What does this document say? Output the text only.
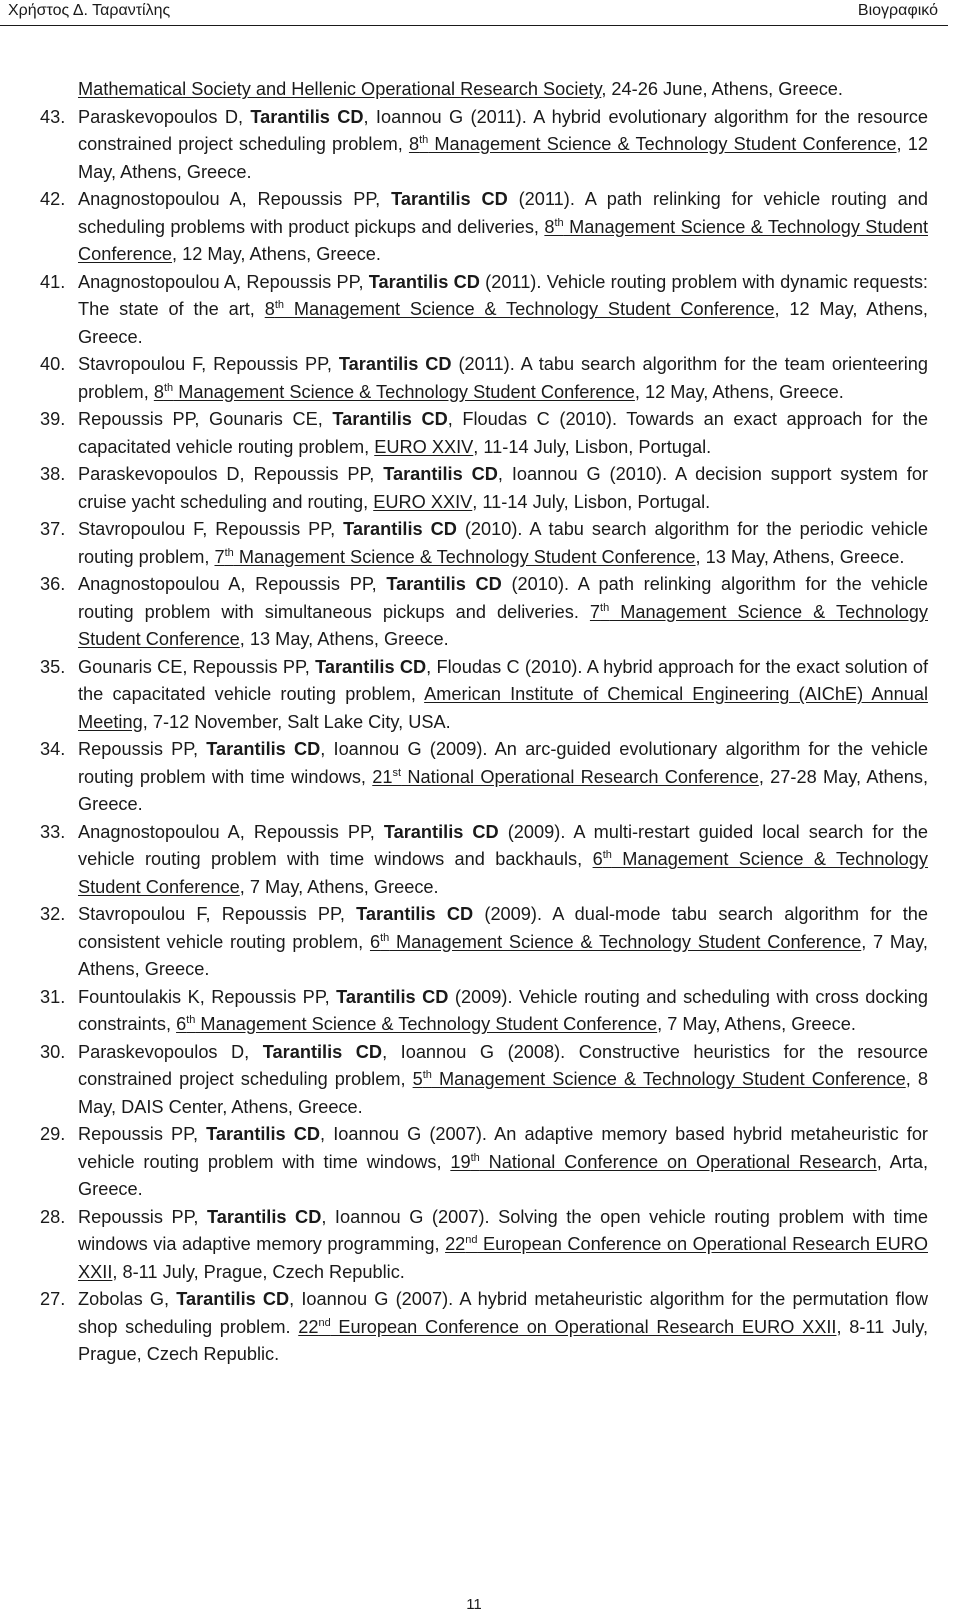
Χρήστος Δ. Ταραντίλης	Βιογραφικό
Mathematical Society and Hellenic Operational Research Society, 24-26 June, Athens, Greece.
43. Paraskevopoulos D, Tarantilis CD, Ioannou G (2011). A hybrid evolutionary algorithm for the resource constrained project scheduling problem, 8th Management Science & Technology Student Conference, 12 May, Athens, Greece.
42. Anagnostopoulou A, Repoussis PP, Tarantilis CD (2011). A path relinking for vehicle routing and scheduling problems with product pickups and deliveries, 8th Management Science & Technology Student Conference, 12 May, Athens, Greece.
41. Anagnostopoulou A, Repoussis PP, Tarantilis CD (2011). Vehicle routing problem with dynamic requests: The state of the art, 8th Management Science & Technology Student Conference, 12 May, Athens, Greece.
40. Stavropoulou F, Repoussis PP, Tarantilis CD (2011). A tabu search algorithm for the team orienteering problem, 8th Management Science & Technology Student Conference, 12 May, Athens, Greece.
39. Repoussis PP, Gounaris CE, Tarantilis CD, Floudas C (2010). Towards an exact approach for the capacitated vehicle routing problem, EURO XXIV, 11-14 July, Lisbon, Portugal.
38. Paraskevopoulos D, Repoussis PP, Tarantilis CD, Ioannou G (2010). A decision support system for cruise yacht scheduling and routing, EURO XXIV, 11-14 July, Lisbon, Portugal.
37. Stavropoulou F, Repoussis PP, Tarantilis CD (2010). A tabu search algorithm for the periodic vehicle routing problem, 7th Management Science & Technology Student Conference, 13 May, Athens, Greece.
36. Anagnostopoulou A, Repoussis PP, Tarantilis CD (2010). A path relinking algorithm for the vehicle routing problem with simultaneous pickups and deliveries. 7th Management Science & Technology Student Conference, 13 May, Athens, Greece.
35. Gounaris CE, Repoussis PP, Tarantilis CD, Floudas C (2010). A hybrid approach for the exact solution of the capacitated vehicle routing problem, American Institute of Chemical Engineering (AIChE) Annual Meeting, 7-12 November, Salt Lake City, USA.
34. Repoussis PP, Tarantilis CD, Ioannou G (2009). An arc-guided evolutionary algorithm for the vehicle routing problem with time windows, 21st National Operational Research Conference, 27-28 May, Athens, Greece.
33. Anagnostopoulou A, Repoussis PP, Tarantilis CD (2009). A multi-restart guided local search for the vehicle routing problem with time windows and backhauls, 6th Management Science & Technology Student Conference, 7 May, Athens, Greece.
32. Stavropoulou F, Repoussis PP, Tarantilis CD (2009). A dual-mode tabu search algorithm for the consistent vehicle routing problem, 6th Management Science & Technology Student Conference, 7 May, Athens, Greece.
31. Fountoulakis K, Repoussis PP, Tarantilis CD (2009). Vehicle routing and scheduling with cross docking constraints, 6th Management Science & Technology Student Conference, 7 May, Athens, Greece.
30. Paraskevopoulos D, Tarantilis CD, Ioannou G (2008). Constructive heuristics for the resource constrained project scheduling problem, 5th Management Science & Technology Student Conference, 8 May, DAIS Center, Athens, Greece.
29. Repoussis PP, Tarantilis CD, Ioannou G (2007). An adaptive memory based hybrid metaheuristic for vehicle routing problem with time windows, 19th National Conference on Operational Research, Arta, Greece.
28. Repoussis PP, Tarantilis CD, Ioannou G (2007). Solving the open vehicle routing problem with time windows via adaptive memory programming, 22nd European Conference on Operational Research EURO XXII, 8-11 July, Prague, Czech Republic.
27. Zobolas G, Tarantilis CD, Ioannou G (2007). A hybrid metaheuristic algorithm for the permutation flow shop scheduling problem. 22nd European Conference on Operational Research EURO XXII, 8-11 July, Prague, Czech Republic.
11
